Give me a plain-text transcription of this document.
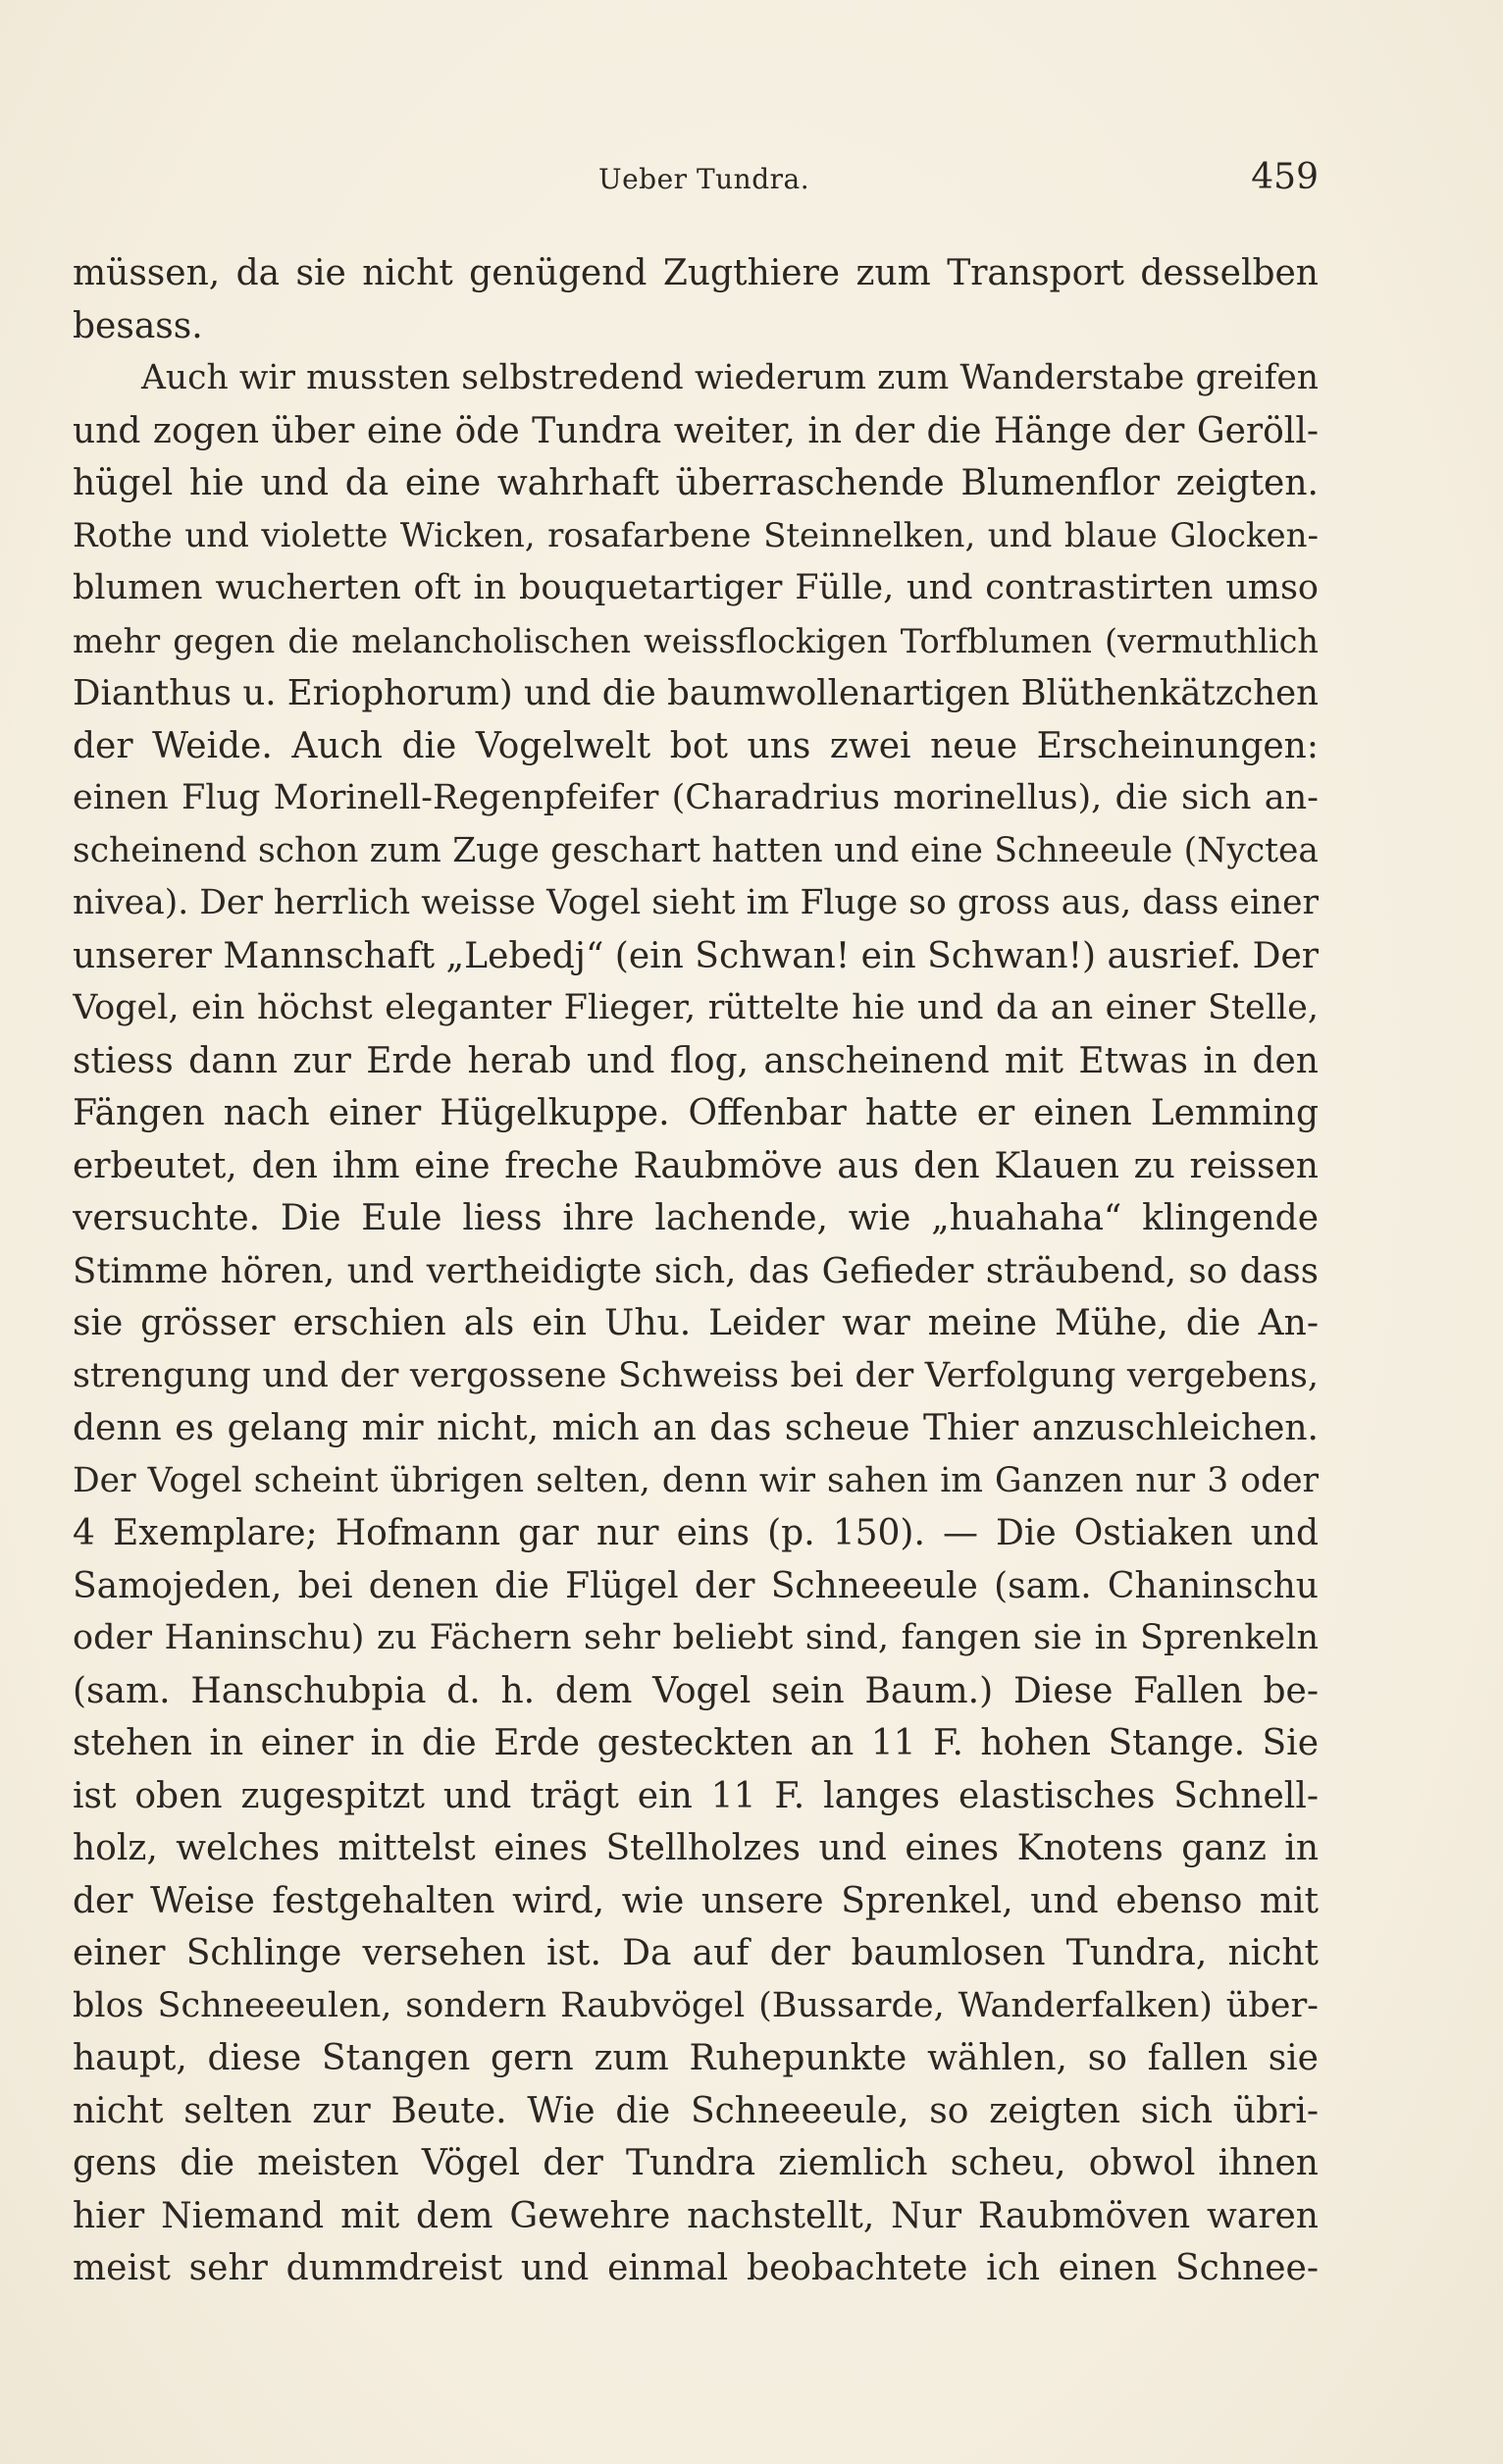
Ueber Tundra.	459
müssen, da sie nicht genügend Zugthiere zum Transport desselben
besass.
Auch wir mussten selbstredend wiederum zum Wanderstabe greifen
und zogen über eine öde Tundra weiter, in der die Hänge der Geröll-
hügel hie und da eine wahrhaft überraschende Blumenflor zeigten.
Rothe und violette Wicken, rosafarbene Steinnelken, und blaue Glocken-
blumen wucherten oft in bouquetartiger Fülle, und contrastirten umso
mehr gegen die melancholischen weissflockigen Torfblumen (vermuthlich
Dianthus u. Eriophorum) und die baumwollenartigen Blüthenkätzchen
der Weide. Auch die Vogelwelt bot uns zwei neue Erscheinungen:
einen Flug Morinell-Regenpfeifer (Charadrius morinellus), die sich an-
scheinend schon zum Zuge geschart hatten und eine Schneeule (Nyctea
nivea). Der herrlich weisse Vogel sieht im Fluge so gross aus, dass einer
unserer Mannschaft „Lebedj“ (ein Schwan! ein Schwan!) ausrief. Der
Vogel, ein höchst eleganter Flieger, rüttelte hie und da an einer Stelle,
stiess dann zur Erde herab und flog, anscheinend mit Etwas in den
Fängen nach einer Hügelkuppe. Offenbar hatte er einen Lemming
erbeutet, den ihm eine freche Raubmöve aus den Klauen zu reissen
versuchte. Die Eule liess ihre lachende, wie „huahaha“ klingende
Stimme hören, und vertheidigte sich, das Gefieder sträubend, so dass
sie grösser erschien als ein Uhu. Leider war meine Mühe, die An-
strengung und der vergossene Schweiss bei der Verfolgung vergebens,
denn es gelang mir nicht, mich an das scheue Thier anzuschleichen.
Der Vogel scheint übrigen selten, denn wir sahen im Ganzen nur 3 oder
4 Exemplare; Hofmann gar nur eins (p. 150). — Die Ostiaken und
Samojeden, bei denen die Flügel der Schneeeule (sam. Chaninschu
oder Haninschu) zu Fächern sehr beliebt sind, fangen sie in Sprenkeln
(sam. Hanschubpia d. h. dem Vogel sein Baum.) Diese Fallen be-
stehen in einer in die Erde gesteckten an 11 F. hohen Stange. Sie
ist oben zugespitzt und trägt ein 11 F. langes elastisches Schnell-
holz, welches mittelst eines Stellholzes und eines Knotens ganz in
der Weise festgehalten wird, wie unsere Sprenkel, und ebenso mit
einer Schlinge versehen ist. Da auf der baumlosen Tundra, nicht
blos Schneeeulen, sondern Raubvögel (Bussarde, Wanderfalken) über-
haupt, diese Stangen gern zum Ruhepunkte wählen, so fallen sie
nicht selten zur Beute. Wie die Schneeeule, so zeigten sich übri-
gens die meisten Vögel der Tundra ziemlich scheu, obwol ihnen
hier Niemand mit dem Gewehre nachstellt, Nur Raubmöven waren
meist sehr dummdreist und einmal beobachtete ich einen Schnee-
